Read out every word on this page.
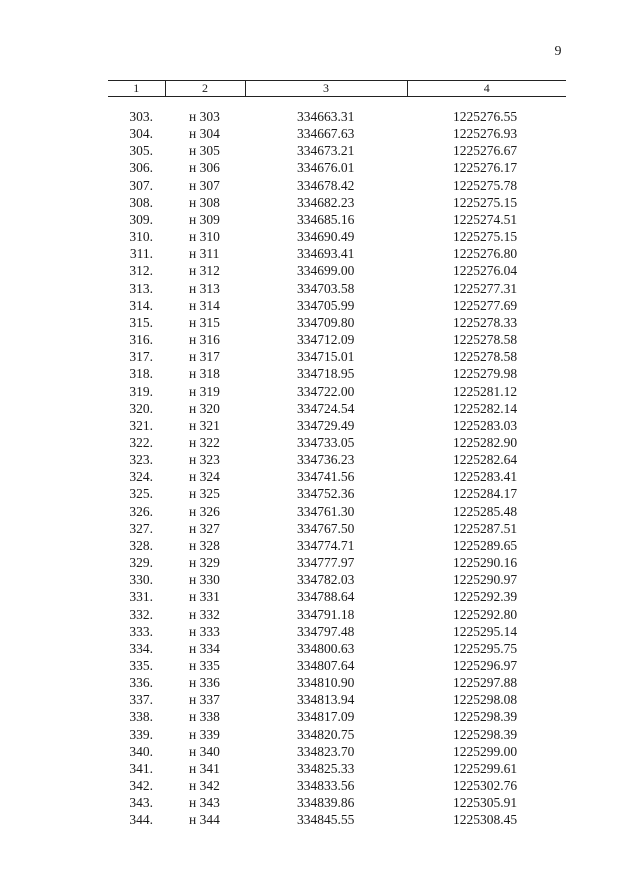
9
1	2	3	4
303.	н 303	334663.31	1225276.55
304.	н 304	334667.63	1225276.93
305.	н 305	334673.21	1225276.67
306.	н 306	334676.01	1225276.17
307.	н 307	334678.42	1225275.78
308.	н 308	334682.23	1225275.15
309.	н 309	334685.16	1225274.51
310.	н 310	334690.49	1225275.15
311.	н 311	334693.41	1225276.80
312.	н 312	334699.00	1225276.04
313.	н 313	334703.58	1225277.31
314.	н 314	334705.99	1225277.69
315.	н 315	334709.80	1225278.33
316.	н 316	334712.09	1225278.58
317.	н 317	334715.01	1225278.58
318.	н 318	334718.95	1225279.98
319.	н 319	334722.00	1225281.12
320.	н 320	334724.54	1225282.14
321.	н 321	334729.49	1225283.03
322.	н 322	334733.05	1225282.90
323.	н 323	334736.23	1225282.64
324.	н 324	334741.56	1225283.41
325.	н 325	334752.36	1225284.17
326.	н 326	334761.30	1225285.48
327.	н 327	334767.50	1225287.51
328.	н 328	334774.71	1225289.65
329.	н 329	334777.97	1225290.16
330.	н 330	334782.03	1225290.97
331.	н 331	334788.64	1225292.39
332.	н 332	334791.18	1225292.80
333.	н 333	334797.48	1225295.14
334.	н 334	334800.63	1225295.75
335.	н 335	334807.64	1225296.97
336.	н 336	334810.90	1225297.88
337.	н 337	334813.94	1225298.08
338.	н 338	334817.09	1225298.39
339.	н 339	334820.75	1225298.39
340.	н 340	334823.70	1225299.00
341.	н 341	334825.33	1225299.61
342.	н 342	334833.56	1225302.76
343.	н 343	334839.86	1225305.91
344.	н 344	334845.55	1225308.45
